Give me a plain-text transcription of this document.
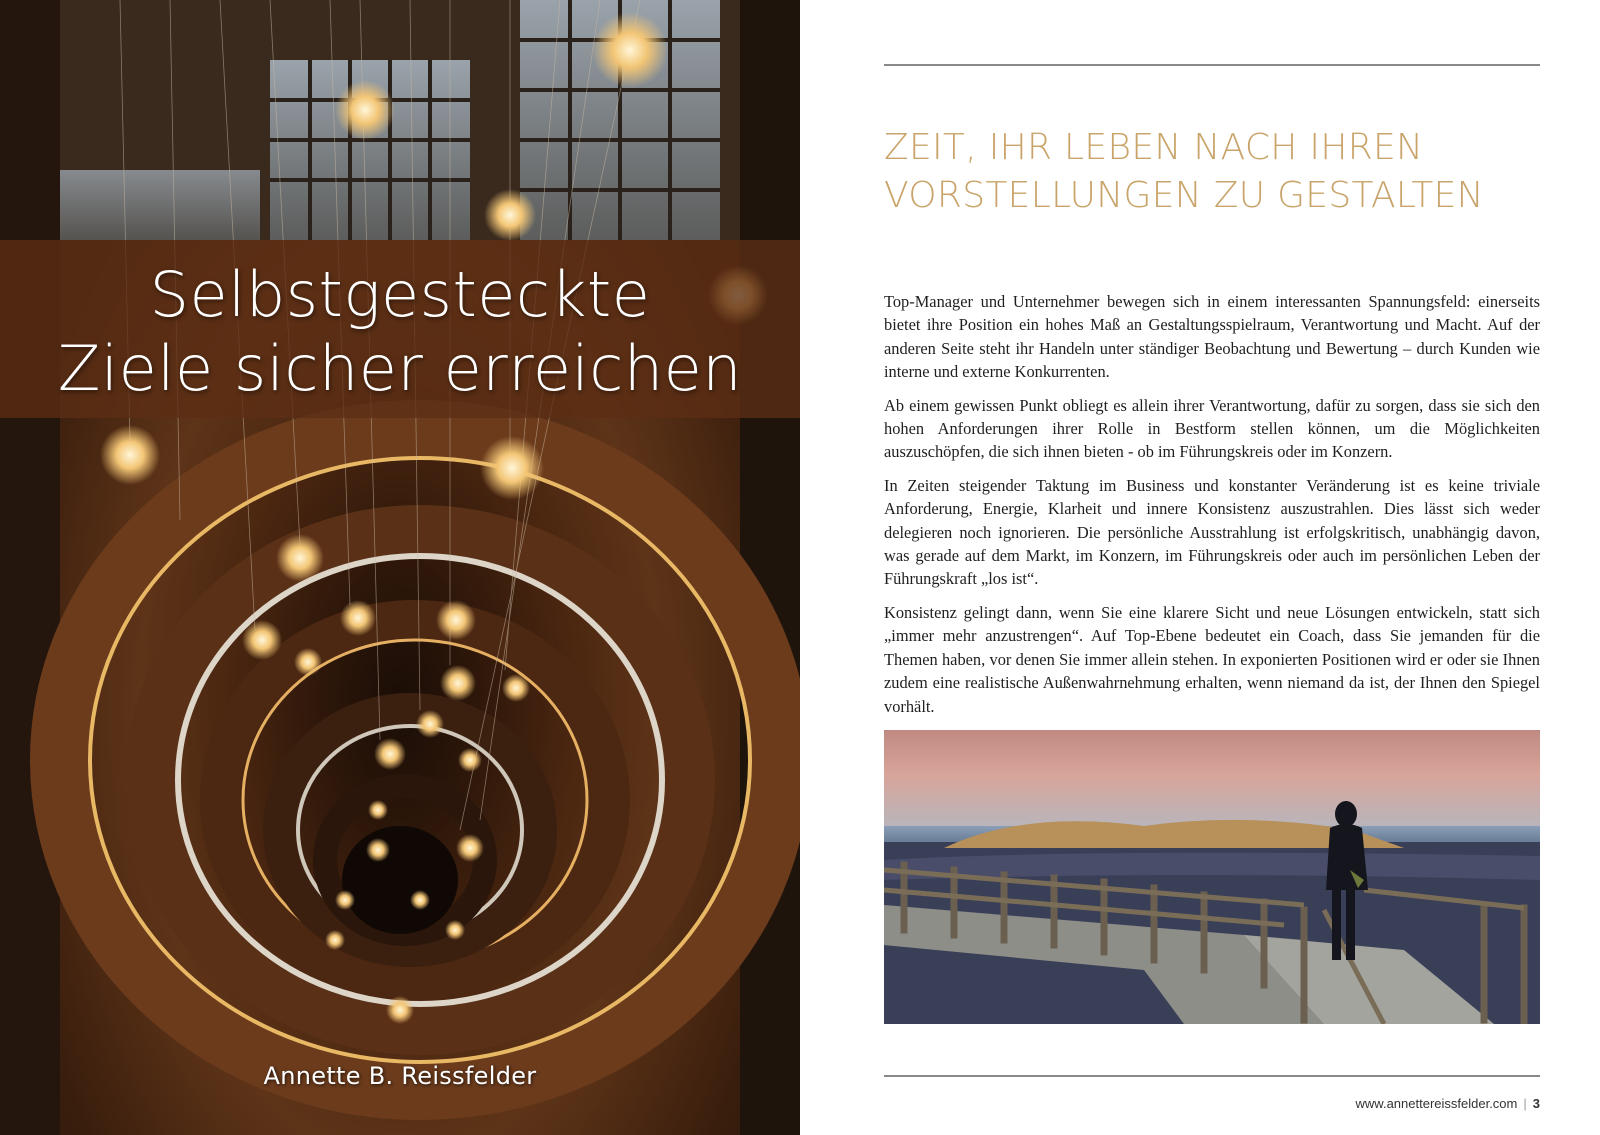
Selbstgesteckte
Ziele sicher erreichen
Annette B. Reissfelder
ZEIT, IHR LEBEN NACH IHREN
VORSTELLUNGEN ZU GESTALTEN

Top-Manager und Unternehmer bewegen sich in einem interessanten Spannungsfeld: einerseits bietet ihre Position ein hohes Maß an Gestaltungsspielraum, Verantwortung und Macht. Auf der anderen Seite steht ihr Handeln unter ständiger Beobachtung und Bewertung – durch Kunden wie interne und externe Konkurrenten.

Ab einem gewissen Punkt obliegt es allein ihrer Verantwortung, dafür zu sorgen, dass sie sich den hohen Anforderungen ihrer Rolle in Bestform stellen können, um die Möglichkeiten auszuschöpfen, die sich ihnen bieten - ob im Führungskreis oder im Konzern.

In Zeiten steigender Taktung im Business und konstanter Veränderung ist es keine triviale Anforderung, Energie, Klarheit und innere Konsistenz auszustrahlen. Dies lässt sich weder delegieren noch ignorieren. Die persönliche Ausstrahlung ist erfolgskritisch, unabhängig davon, was gerade auf dem Markt, im Konzern, im Führungskreis oder auch im persönlichen Leben der Führungskraft „los ist“.

Konsistenz gelingt dann, wenn Sie eine klarere Sicht und neue Lösungen entwickeln, statt sich „immer mehr anzustrengen“. Auf Top-Ebene bedeutet ein Coach, dass Sie jemanden für die Themen haben, vor denen Sie immer allein stehen. In exponierten Positionen wird er oder sie Ihnen zudem eine realistische Außenwahrnehmung erhalten, wenn niemand da ist, der Ihnen den Spiegel vorhält.

www.annettereissfelder.com | 3
